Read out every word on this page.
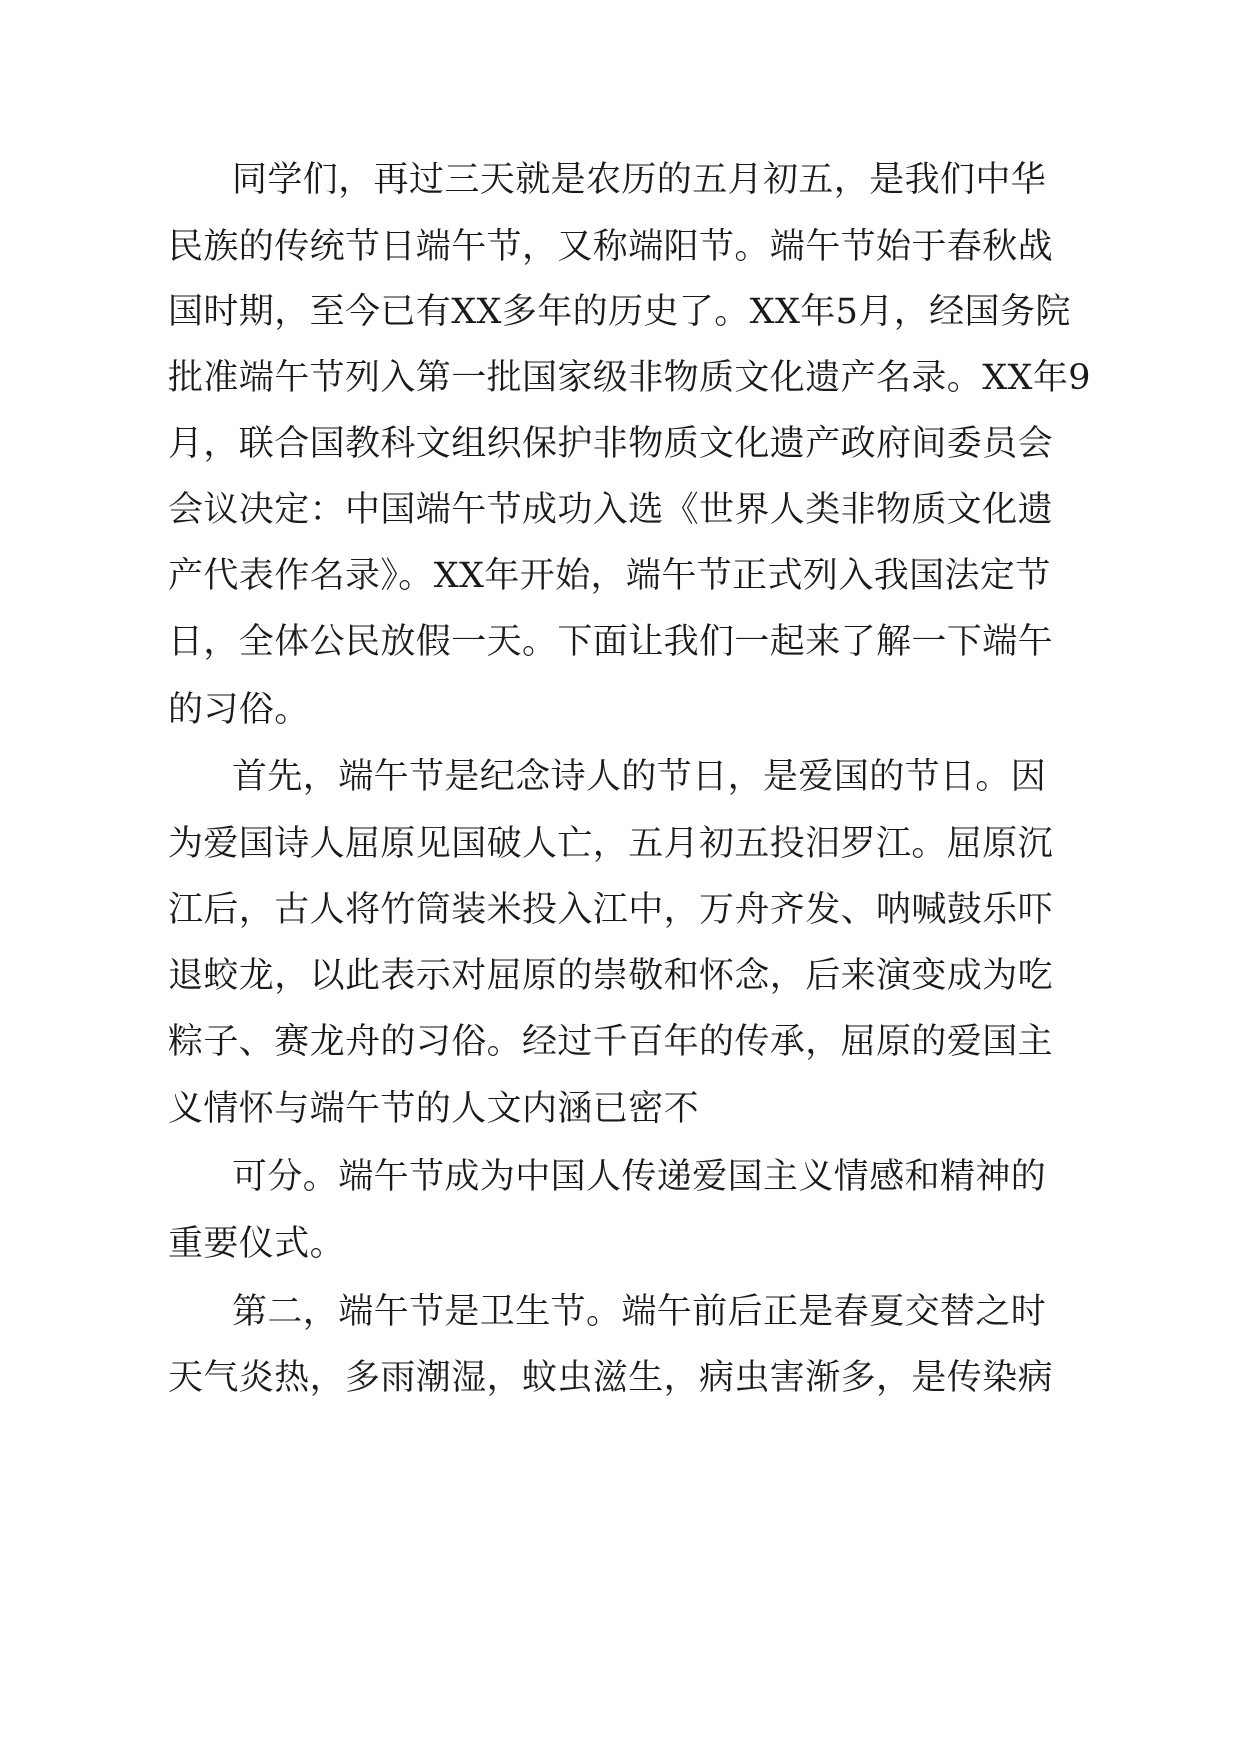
同学们，再过三天就是农历的五月初五，是我们中华

民族的传统节日端午节，又称端阳节。端午节始于春秋战

国时期，至今已有XX多年的历史了。XX年5月，经国务院

批准端午节列入第一批国家级非物质文化遗产名录。XX年9

月，联合国教科文组织保护非物质文化遗产政府间委员会

会议决定：中国端午节成功入选《世界人类非物质文化遗

产代表作名录》。XX年开始，端午节正式列入我国法定节

日，全体公民放假一天。下面让我们一起来了解一下端午

的习俗。

首先，端午节是纪念诗人的节日，是爱国的节日。因

为爱国诗人屈原见国破人亡，五月初五投汨罗江。屈原沉

江后，古人将竹筒装米投入江中，万舟齐发、呐喊鼓乐吓

退蛟龙，以此表示对屈原的崇敬和怀念，后来演变成为吃

粽子、赛龙舟的习俗。经过千百年的传承，屈原的爱国主

义情怀与端午节的人文内涵已密不

可分。端午节成为中国人传递爱国主义情感和精神的

重要仪式。

第二，端午节是卫生节。端午前后正是春夏交替之时

天气炎热，多雨潮湿，蚊虫滋生，病虫害渐多，是传染病
